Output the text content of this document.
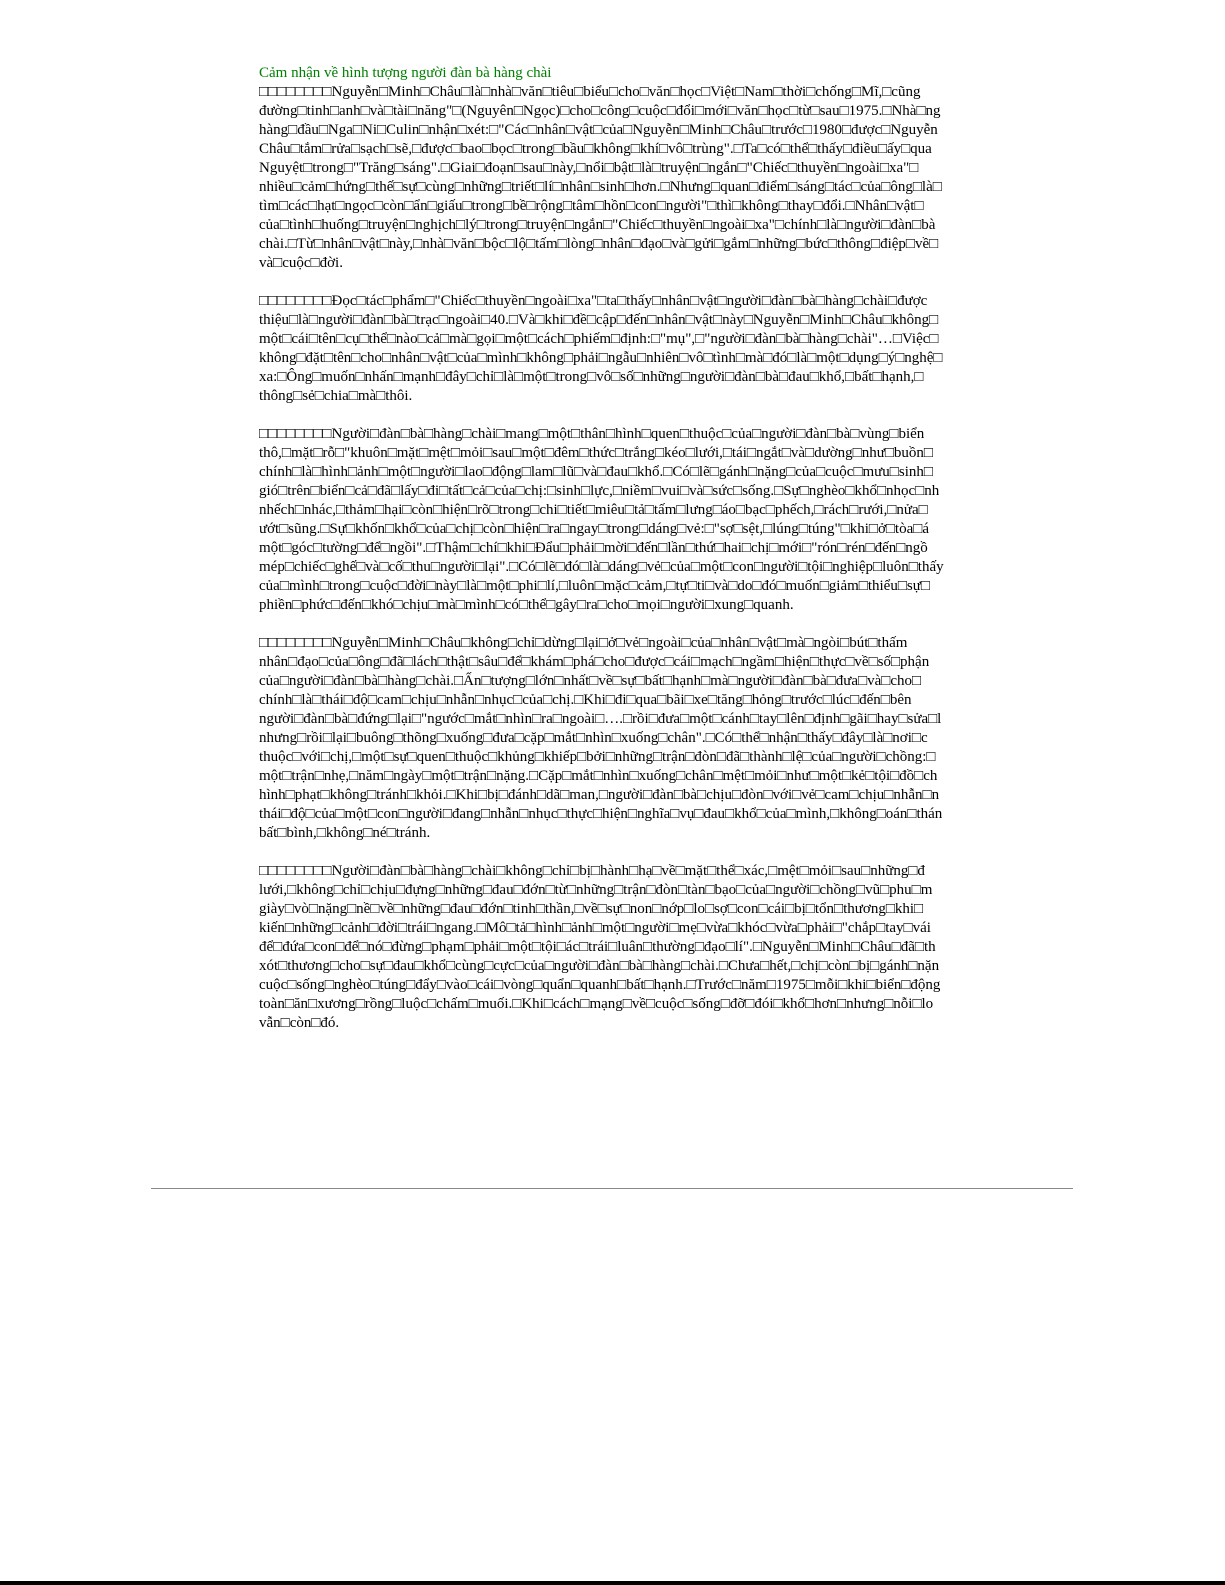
Cảm nhận về hình tượng người đàn bà hàng chài
□□□□□□□□Nguyễn□Minh□Châu□là□nhà□văn□tiêu□biểu□cho□văn□học□Việt□Nam□thời□chống□Mĩ,□cũng
đường□tinh□anh□và□tài□năng"□(Nguyên□Ngọc)□cho□công□cuộc□đổi□mới□văn□học□từ□sau□1975.□Nhà□ng
hàng□đầu□Nga□Ni□Culin□nhận□xét:□"Các□nhân□vật□của□Nguyễn□Minh□Châu□trước□1980□được□Nguyễn
Châu□tắm□rửa□sạch□sẽ,□được□bao□bọc□trong□bầu□không□khí□vô□trùng".□Ta□có□thể□thấy□điều□ấy□qua
Nguyệt□trong□"Trăng□sáng".□Giai□đoạn□sau□này,□nổi□bật□là□truyện□ngắn□"Chiếc□thuyền□ngoài□xa"□
nhiều□cảm□hứng□thế□sự□cùng□những□triết□lí□nhân□sinh□hơn.□Nhưng□quan□điểm□sáng□tác□của□ông□là□
tìm□các□hạt□ngọc□còn□ẩn□giấu□trong□bề□rộng□tâm□hồn□con□người"□thì□không□thay□đổi.□Nhân□vật□
của□tình□huống□truyện□nghịch□lý□trong□truyện□ngắn□"Chiếc□thuyền□ngoài□xa"□chính□là□người□đàn□bà
chài.□Từ□nhân□vật□này,□nhà□văn□bộc□lộ□tấm□lòng□nhân□đạo□và□gửi□gắm□những□bức□thông□điệp□về□
và□cuộc□đời.
□□□□□□□□Đọc□tác□phẩm□"Chiếc□thuyền□ngoài□xa"□ta□thấy□nhân□vật□người□đàn□bà□hàng□chài□được
thiệu□là□người□đàn□bà□trạc□ngoài□40.□Và□khi□đề□cập□đến□nhân□vật□này□Nguyễn□Minh□Châu□không□
một□cái□tên□cụ□thể□nào□cả□mà□gọi□một□cách□phiếm□định:□"mụ",□"người□đàn□bà□hàng□chài"…□Việc□
không□đặt□tên□cho□nhân□vật□của□mình□không□phải□ngẫu□nhiên□vô□tình□mà□đó□là□một□dụng□ý□nghệ□
xa:□Ông□muốn□nhấn□mạnh□đây□chỉ□là□một□trong□vô□số□những□người□đàn□bà□đau□khổ,□bất□hạnh,□
thông□sẻ□chia□mà□thôi.
□□□□□□□□Người□đàn□bà□hàng□chài□mang□một□thân□hình□quen□thuộc□của□người□đàn□bà□vùng□biển
thô,□mặt□rỗ□"khuôn□mặt□mệt□mỏi□sau□một□đêm□thức□trắng□kéo□lưới,□tái□ngắt□và□dường□như□buồn□
chính□là□hình□ảnh□một□người□lao□động□lam□lũ□và□đau□khổ.□Có□lẽ□gánh□nặng□của□cuộc□mưu□sinh□
gió□trên□biển□cả□đã□lấy□đi□tất□cả□của□chị:□sinh□lực,□niềm□vui□và□sức□sống.□Sự□nghèo□khổ□nhọc□nh
nhếch□nhác,□thảm□hại□còn□hiện□rõ□trong□chi□tiết□miêu□tả□tấm□lưng□áo□bạc□phếch,□rách□rưới,□nửa□
ướt□sũng.□Sự□khốn□khổ□của□chị□còn□hiện□ra□ngay□trong□dáng□vẻ:□"sợ□sệt,□lúng□túng"□khi□ở□tòa□á
một□góc□tường□để□ngồi".□Thậm□chí□khi□Đẩu□phải□mời□đến□lần□thứ□hai□chị□mới□"rón□rén□đến□ngồ
mép□chiếc□ghế□và□cố□thu□người□lại".□Có□lẽ□đó□là□dáng□vẻ□của□một□con□người□tội□nghiệp□luôn□thấy
của□mình□trong□cuộc□đời□này□là□một□phi□lí,□luôn□mặc□cảm,□tự□ti□và□do□đó□muốn□giảm□thiểu□sự□
phiền□phức□đến□khó□chịu□mà□mình□có□thể□gây□ra□cho□mọi□người□xung□quanh.
□□□□□□□□Nguyễn□Minh□Châu□không□chỉ□dừng□lại□ở□vẻ□ngoài□của□nhân□vật□mà□ngòi□bút□thấm
nhân□đạo□của□ông□đã□lách□thật□sâu□để□khám□phá□cho□được□cái□mạch□ngầm□hiện□thực□về□số□phận
của□người□đàn□bà□hàng□chài.□Ấn□tượng□lớn□nhất□về□sự□bất□hạnh□mà□người□đàn□bà□đưa□và□cho□
chính□là□thái□độ□cam□chịu□nhẫn□nhục□của□chị.□Khi□đi□qua□bãi□xe□tăng□hỏng□trước□lúc□đến□bên
người□đàn□bà□đứng□lại□"ngước□mắt□nhìn□ra□ngoài□….□rồi□đưa□một□cánh□tay□lên□định□gãi□hay□sửa□l
nhưng□rồi□lại□buông□thõng□xuống□đưa□cặp□mắt□nhìn□xuống□chân".□Có□thể□nhận□thấy□đây□là□nơi□c
thuộc□với□chị,□một□sự□quen□thuộc□khủng□khiếp□bởi□những□trận□đòn□đã□thành□lệ□của□người□chồng:□
một□trận□nhẹ,□năm□ngày□một□trận□nặng.□Cặp□mắt□nhìn□xuống□chân□mệt□mỏi□như□một□kẻ□tội□đồ□ch
hình□phạt□không□tránh□khỏi.□Khi□bị□đánh□dã□man,□người□đàn□bà□chịu□đòn□với□vẻ□cam□chịu□nhẫn□n
thái□độ□của□một□con□người□đang□nhẫn□nhục□thực□hiện□nghĩa□vụ□đau□khổ□của□mình,□không□oán□thán
bất□bình,□không□né□tránh.
□□□□□□□□Người□đàn□bà□hàng□chài□không□chỉ□bị□hành□hạ□về□mặt□thể□xác,□mệt□mỏi□sau□những□đ
lưới,□không□chỉ□chịu□đựng□những□đau□đớn□từ□những□trận□đòn□tàn□bạo□của□người□chồng□vũ□phu□m
giày□vò□nặng□nề□về□những□đau□đớn□tinh□thần,□về□sự□non□nớp□lo□sợ□con□cái□bị□tổn□thương□khi□
kiến□những□cảnh□đời□trái□ngang.□Mô□tả□hình□ảnh□một□người□mẹ□vừa□khóc□vừa□phải□"chắp□tay□vái
để□đứa□con□để□nó□đừng□phạm□phải□một□tội□ác□trái□luân□thường□đạo□lí".□Nguyễn□Minh□Châu□đã□th
xót□thương□cho□sự□đau□khổ□cùng□cực□của□người□đàn□bà□hàng□chài.□Chưa□hết,□chị□còn□bị□gánh□nặn
cuộc□sống□nghèo□túng□đẩy□vào□cái□vòng□quẩn□quanh□bất□hạnh.□Trước□năm□1975□mỗi□khi□biển□động
toàn□ăn□xương□rồng□luộc□chấm□muối.□Khi□cách□mạng□về□cuộc□sống□đỡ□đói□khổ□hơn□nhưng□nỗi□lo
vẫn□còn□đó.
